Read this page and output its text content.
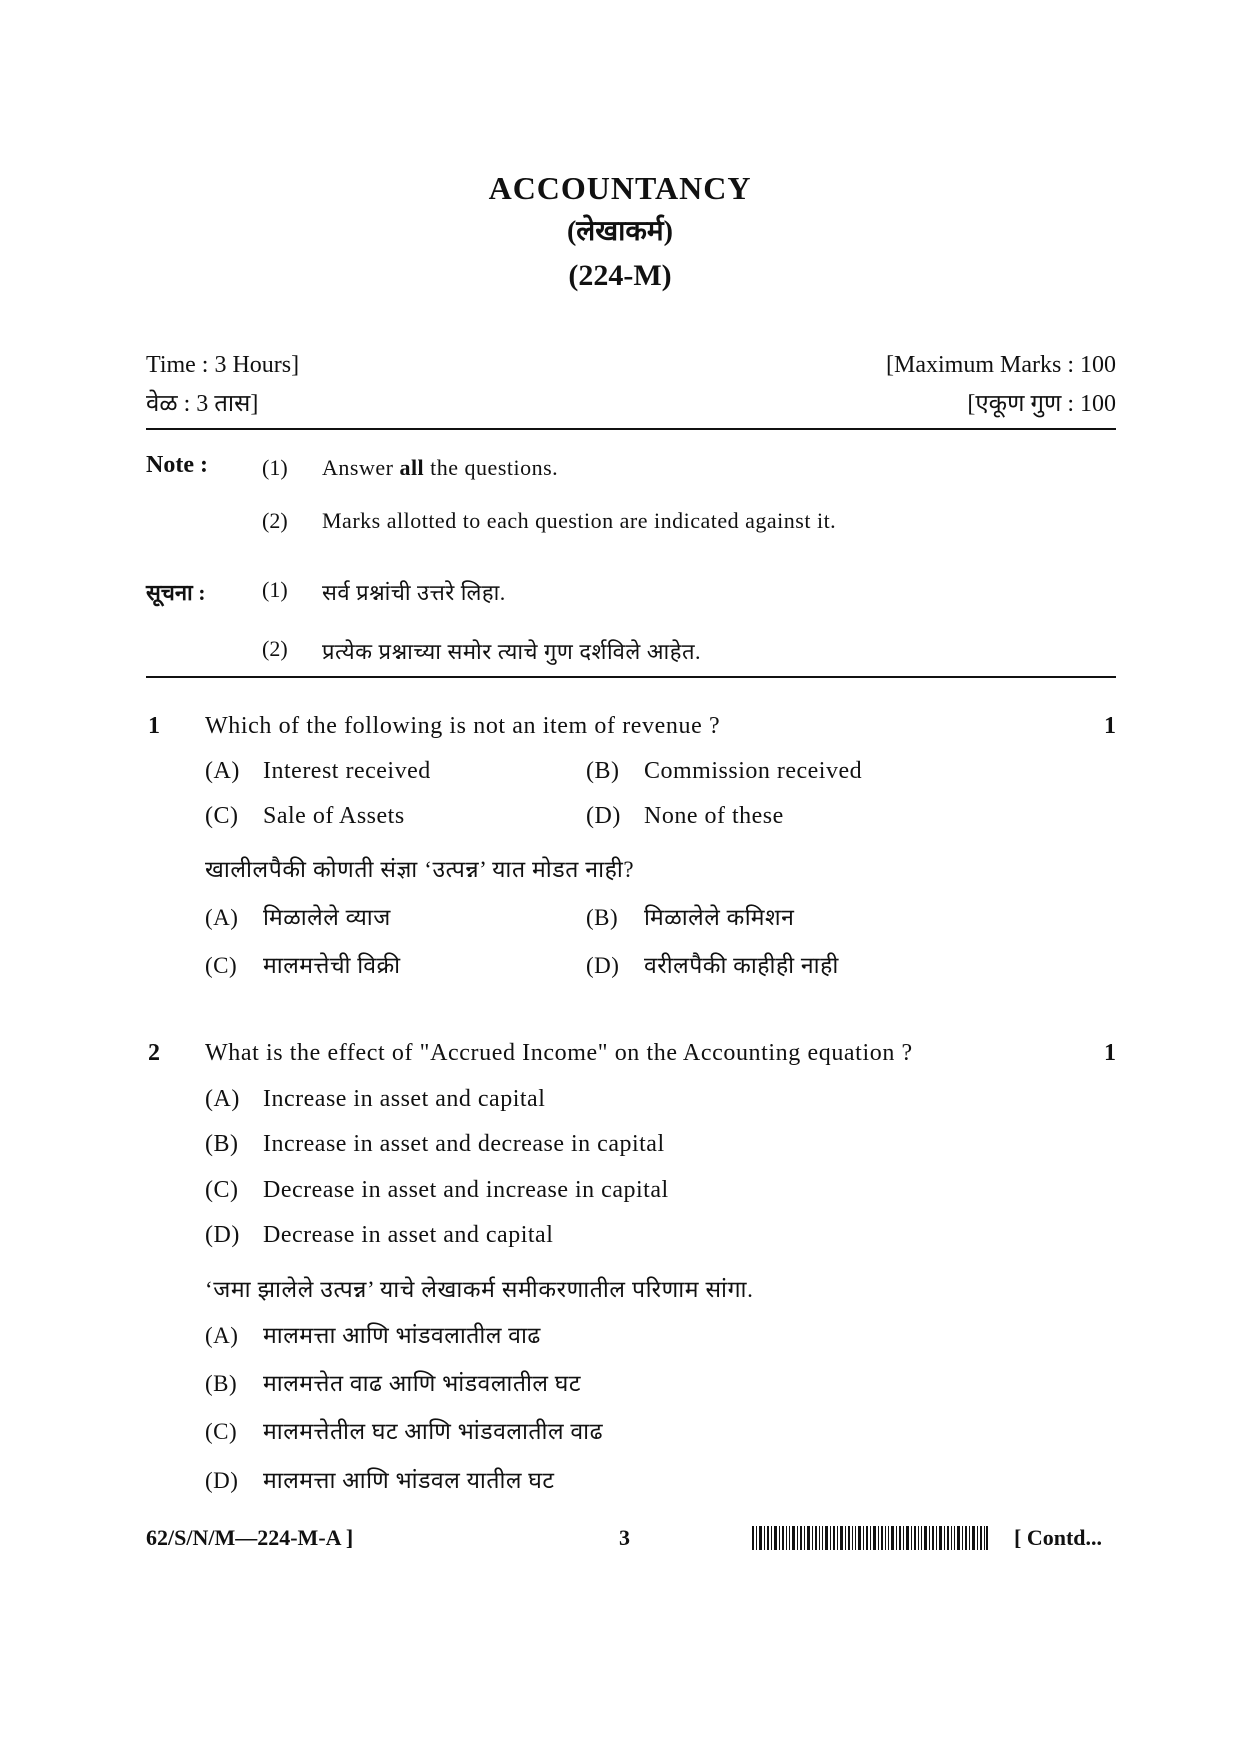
ACCOUNTANCY
(लेखाकर्म)
(224-M)
Time : 3 Hours]	[Maximum Marks : 100
वेळ : 3 तास]	[एकूण गुण : 100
Note : (1) Answer all the questions.
(2) Marks allotted to each question are indicated against it.
सूचना :	(1) सर्व प्रश्नांची उत्तरे लिहा.
(2) प्रत्येक प्रश्नाच्या समोर त्याचे गुण दर्शविले आहेत.
1 Which of the following is not an item of revenue ?	1
(A) Interest received	(B) Commission received
(C) Sale of Assets	(D) None of these
खालीलपैकी कोणती संज्ञा ‘उत्पन्न’ यात मोडत नाही?
(A) मिळालेले व्याज	(B) मिळालेले कमिशन
(C) मालमत्तेची विक्री	(D) वरीलपैकी काहीही नाही
2 What is the effect of "Accrued Income" on the Accounting equation ?	1
(A) Increase in asset and capital
(B) Increase in asset and decrease in capital
(C) Decrease in asset and increase in capital
(D) Decrease in asset and capital
‘जमा झालेले उत्पन्न’ याचे लेखाकर्म समीकरणातील परिणाम सांगा.
(A) मालमत्ता आणि भांडवलातील वाढ
(B) मालमत्तेत वाढ आणि भांडवलातील घट
(C) मालमत्तेतील घट आणि भांडवलातील वाढ
(D) मालमत्ता आणि भांडवल यातील घट
62/S/N/M—224-M-A ]	3	[ Contd...
